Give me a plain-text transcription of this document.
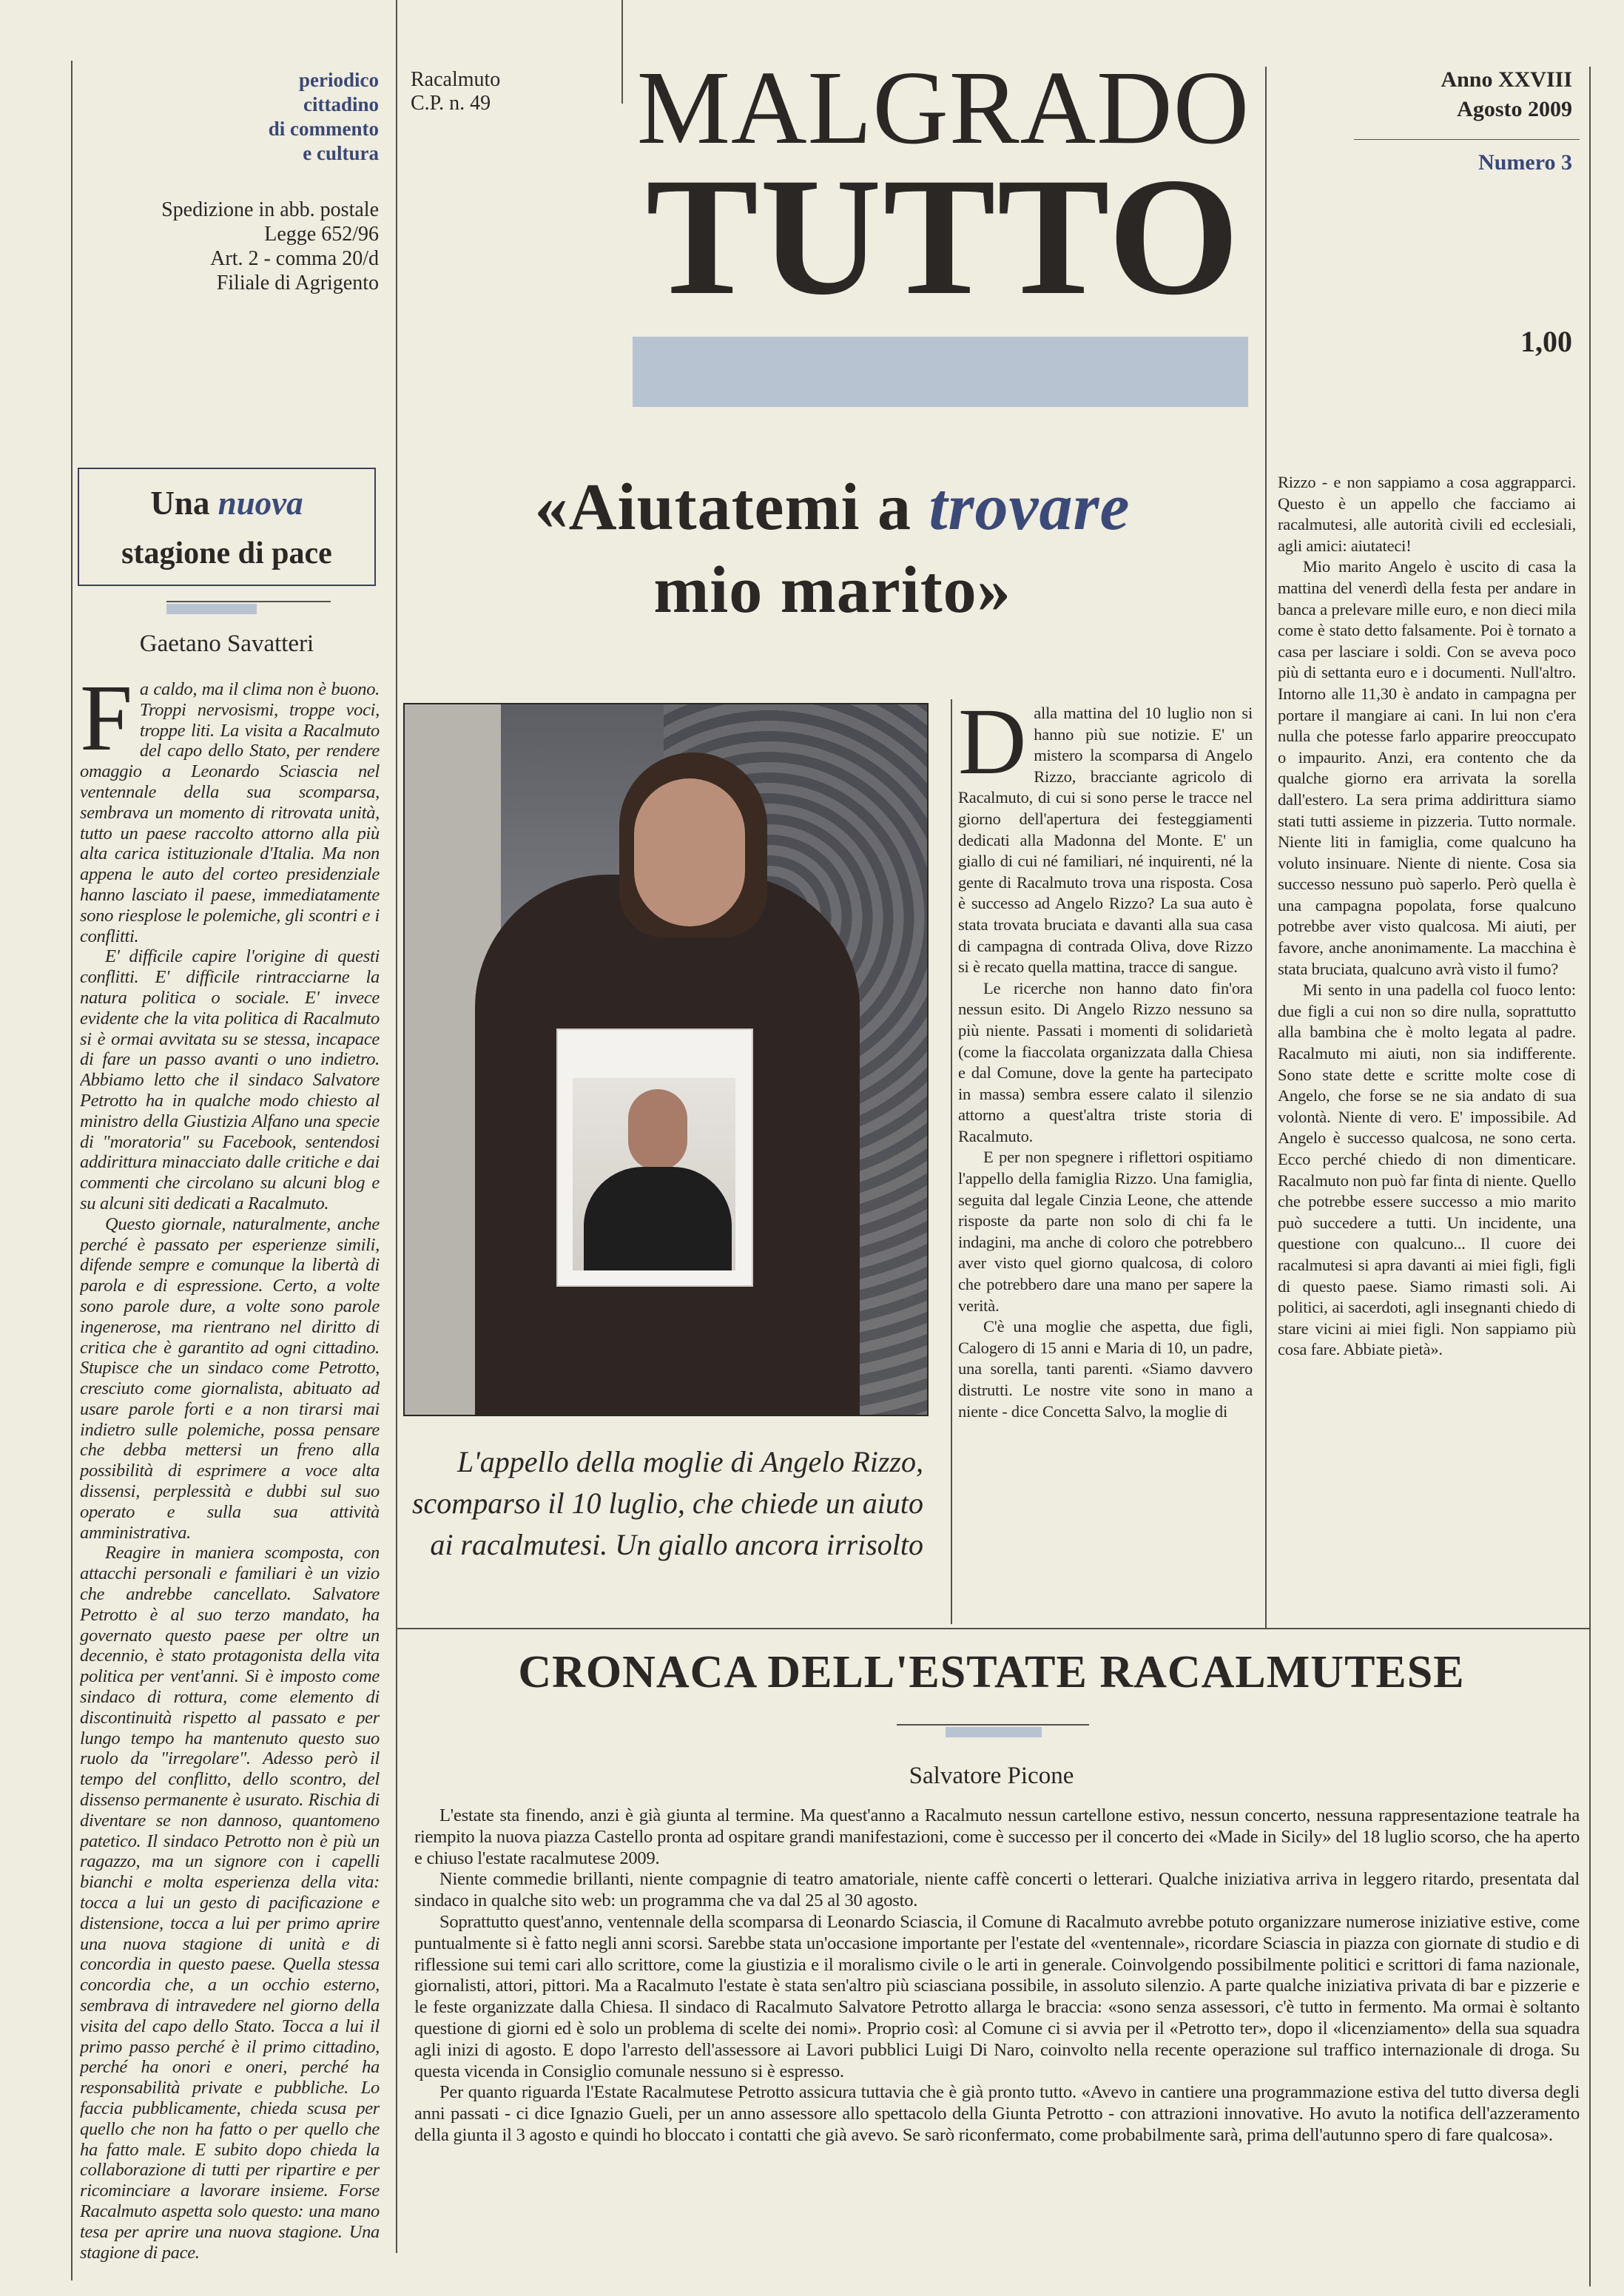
periodico
cittadino
di commento
e cultura
Spedizione in abb. postale
Legge 652/96
Art. 2 - comma 20/d
Filiale di Agrigento
Racalmuto
C.P. n. 49 MALGRADO
TUTTO
Anno XXVIII
Agosto 2009
Numero 3
1,00
Una nuova
stagione di pace
Gaetano Savatteri

Fa caldo, ma il clima non è buono. Troppi nervosismi, troppe voci, troppe liti. La visita a Racalmuto del capo dello Stato, per rendere omaggio a Leonardo Sciascia nel ventennale della sua scomparsa, sembrava un momento di ritrovata unità, tutto un paese raccolto attorno alla più alta carica istituzionale d'Italia. Ma non appena le auto del corteo presidenziale hanno lasciato il paese, immediatamente sono riesplose le polemiche, gli scontri e i conflitti.

E' difficile capire l'origine di questi conflitti. E' difficile rintracciarne la natura politica o sociale. E' invece evidente che la vita politica di Racalmuto si è ormai avvitata su se stessa, incapace di fare un passo avanti o uno indietro. Abbiamo letto che il sindaco Salvatore Petrotto ha in qualche modo chiesto al ministro della Giustizia Alfano una specie di "moratoria" su Facebook, sentendosi addirittura minacciato dalle critiche e dai commenti che circolano su alcuni blog e su alcuni siti dedicati a Racalmuto.

Questo giornale, naturalmente, anche perché è passato per esperienze simili, difende sempre e comunque la libertà di parola e di espressione. Certo, a volte sono parole dure, a volte sono parole ingenerose, ma rientrano nel diritto di critica che è garantito ad ogni cittadino. Stupisce che un sindaco come Petrotto, cresciuto come giornalista, abituato ad usare parole forti e a non tirarsi mai indietro sulle polemiche, possa pensare che debba mettersi un freno alla possibilità di esprimere a voce alta dissensi, perplessità e dubbi sul suo operato e sulla sua attività amministrativa.

Reagire in maniera scomposta, con attacchi personali e familiari è un vizio che andrebbe cancellato. Salvatore Petrotto è al suo terzo mandato, ha governato questo paese per oltre un decennio, è stato protagonista della vita politica per vent'anni. Si è imposto come sindaco di rottura, come elemento di discontinuità rispetto al passato e per lungo tempo ha mantenuto questo suo ruolo da "irregolare". Adesso però il tempo del conflitto, dello scontro, del dissenso permanente è usurato. Rischia di diventare se non dannoso, quantomeno patetico. Il sindaco Petrotto non è più un ragazzo, ma un signore con i capelli bianchi e molta esperienza della vita: tocca a lui un gesto di pacificazione e distensione, tocca a lui per primo aprire una nuova stagione di unità e di concordia in questo paese. Quella stessa concordia che, a un occhio esterno, sembrava di intravedere nel giorno della visita del capo dello Stato. Tocca a lui il primo passo perché è il primo cittadino, perché ha onori e oneri, perché ha responsabilità private e pubbliche. Lo faccia pubblicamente, chieda scusa per quello che non ha fatto o per quello che ha fatto male. E subito dopo chieda la collaborazione di tutti per ripartire e per ricominciare a lavorare insieme. Forse Racalmuto aspetta solo questo: una mano tesa per aprire una nuova stagione. Una stagione di pace.

«Aiutatemi a trovare
mio marito»
L'appello della moglie di Angelo Rizzo, scomparso il 10 luglio, che chiede un aiuto ai racalmutesi. Un giallo ancora irrisolto

Dalla mattina del 10 luglio non si hanno più sue notizie. E' un mistero la scomparsa di Angelo Rizzo, bracciante agricolo di Racalmuto, di cui si sono perse le tracce nel giorno dell'apertura dei festeggiamenti dedicati alla Madonna del Monte. E' un giallo di cui né familiari, né inquirenti, né la gente di Racalmuto trova una risposta. Cosa è successo ad Angelo Rizzo? La sua auto è stata trovata bruciata e davanti alla sua casa di campagna di contrada Oliva, dove Rizzo si è recato quella mattina, tracce di sangue.

Le ricerche non hanno dato fin'ora nessun esito. Di Angelo Rizzo nessuno sa più niente. Passati i momenti di solidarietà (come la fiaccolata organizzata dalla Chiesa e dal Comune, dove la gente ha partecipato in massa) sembra essere calato il silenzio attorno a quest'altra triste storia di Racalmuto.

E per non spegnere i riflettori ospitiamo l'appello della famiglia Rizzo. Una famiglia, seguita dal legale Cinzia Leone, che attende risposte da parte non solo di chi fa le indagini, ma anche di coloro che potrebbero aver visto quel giorno qualcosa, di coloro che potrebbero dare una mano per sapere la verità.

C'è una moglie che aspetta, due figli, Calogero di 15 anni e Maria di 10, un padre, una sorella, tanti parenti. «Siamo davvero distrutti. Le nostre vite sono in mano a niente - dice Concetta Salvo, la moglie di

Rizzo - e non sappiamo a cosa aggrapparci. Questo è un appello che facciamo ai racalmutesi, alle autorità civili ed ecclesiali, agli amici: aiutateci!

Mio marito Angelo è uscito di casa la mattina del venerdì della festa per andare in banca a prelevare mille euro, e non dieci mila come è stato detto falsamente. Poi è tornato a casa per lasciare i soldi. Con se aveva poco più di settanta euro e i documenti. Null'altro. Intorno alle 11,30 è andato in campagna per portare il mangiare ai cani. In lui non c'era nulla che potesse farlo apparire preoccupato o impaurito. Anzi, era contento che da qualche giorno era arrivata la sorella dall'estero. La sera prima addirittura siamo stati tutti assieme in pizzeria. Tutto normale. Niente liti in famiglia, come qualcuno ha voluto insinuare. Niente di niente. Cosa sia successo nessuno può saperlo. Però quella è una campagna popolata, forse qualcuno potrebbe aver visto qualcosa. Mi aiuti, per favore, anche anonimamente. La macchina è stata bruciata, qualcuno avrà visto il fumo?

Mi sento in una padella col fuoco lento: due figli a cui non so dire nulla, soprattutto alla bambina che è molto legata al padre. Racalmuto mi aiuti, non sia indifferente. Sono state dette e scritte molte cose di Angelo, che forse se ne sia andato di sua volontà. Niente di vero. E' impossibile. Ad Angelo è successo qualcosa, ne sono certa. Ecco perché chiedo di non dimenticare. Racalmuto non può far finta di niente. Quello che potrebbe essere successo a mio marito può succedere a tutti. Un incidente, una questione con qualcuno... Il cuore dei racalmutesi si apra davanti ai miei figli, figli di questo paese. Siamo rimasti soli. Ai politici, ai sacerdoti, agli insegnanti chiedo di stare vicini ai miei figli. Non sappiamo più cosa fare. Abbiate pietà».

CRONACA DELL'ESTATE RACALMUTESE
Salvatore Picone

L'estate sta finendo, anzi è già giunta al termine. Ma quest'anno a Racalmuto nessun cartellone estivo, nessun concerto, nessuna rappresentazione teatrale ha riempito la nuova piazza Castello pronta ad ospitare grandi manifestazioni, come è successo per il concerto dei «Made in Sicily» del 18 luglio scorso, che ha aperto e chiuso l'estate racalmutese 2009.

Niente commedie brillanti, niente compagnie di teatro amatoriale, niente caffè concerti o letterari. Qualche iniziativa arriva in leggero ritardo, presentata dal sindaco in qualche sito web: un programma che va dal 25 al 30 agosto.

Soprattutto quest'anno, ventennale della scomparsa di Leonardo Sciascia, il Comune di Racalmuto avrebbe potuto organizzare numerose iniziative estive, come puntualmente si è fatto negli anni scorsi. Sarebbe stata un'occasione importante per l'estate del «ventennale», ricordare Sciascia in piazza con giornate di studio e di riflessione sui temi cari allo scrittore, come la giustizia e il moralismo civile o le arti in generale. Coinvolgendo possibilmente politici e scrittori di fama nazionale, giornalisti, attori, pittori. Ma a Racalmuto l'estate è stata sen'altro più sciasciana possibile, in assoluto silenzio. A parte qualche iniziativa privata di bar e pizzerie e le feste organizzate dalla Chiesa. Il sindaco di Racalmuto Salvatore Petrotto allarga le braccia: «sono senza assessori, c'è tutto in fermento. Ma ormai è soltanto questione di giorni ed è solo un problema di scelte dei nomi». Proprio così: al Comune ci si avvia per il «Petrotto ter», dopo il «licenziamento» della sua squadra agli inizi di agosto. E dopo l'arresto dell'assessore ai Lavori pubblici Luigi Di Naro, coinvolto nella recente operazione sul traffico internazionale di droga. Su questa vicenda in Consiglio comunale nessuno si è espresso.

Per quanto riguarda l'Estate Racalmutese Petrotto assicura tuttavia che è già pronto tutto. «Avevo in cantiere una programmazione estiva del tutto diversa degli anni passati - ci dice Ignazio Gueli, per un anno assessore allo spettacolo della Giunta Petrotto - con attrazioni innovative. Ho avuto la notifica dell'azzeramento della giunta il 3 agosto e quindi ho bloccato i contatti che già avevo. Se sarò riconfermato, come probabilmente sarà, prima dell'autunno spero di fare qualcosa».
